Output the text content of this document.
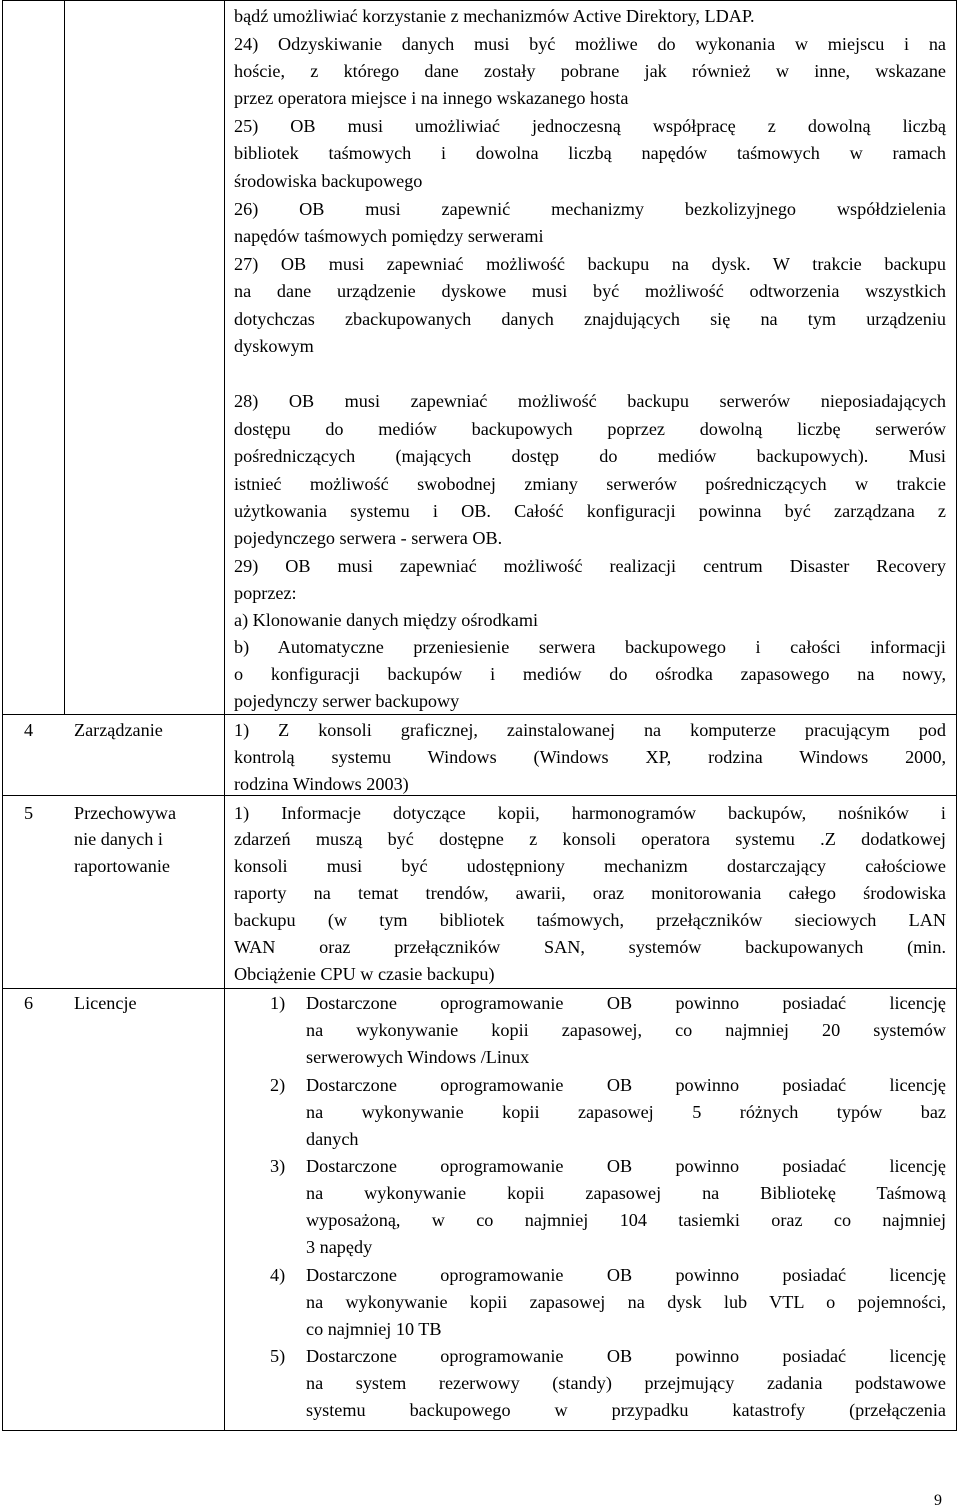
bądź umożliwiać korzystanie z mechanizmów Active Direktory, LDAP.
24) Odzyskiwanie danych musi być możliwe do wykonania w miejscu i na
hoście, z którego dane zostały pobrane jak również w inne, wskazane
przez operatora miejsce i na innego wskazanego hosta
25) OB musi umożliwiać jednoczesną współpracę z dowolną liczbą
bibliotek taśmowych i dowolna liczbą napędów taśmowych w ramach
środowiska backupowego
26) OB musi zapewnić mechanizmy bezkolizyjnego współdzielenia
napędów taśmowych pomiędzy serwerami
27) OB musi zapewniać możliwość backupu na dysk. W trakcie backupu
na dane urządzenie dyskowe musi być możliwość odtworzenia wszystkich
dotychczas zbackupowanych danych znajdujących się na tym urządzeniu
dyskowym
28) OB musi zapewniać możliwość backupu serwerów nieposiadających
dostępu do mediów backupowych poprzez dowolną liczbę serwerów
pośredniczących (mających dostęp do mediów backupowych). Musi
istnieć możliwość swobodnej zmiany serwerów pośredniczących w trakcie
użytkowania systemu i OB. Całość konfiguracji powinna być zarządzana z
pojedynczego serwera - serwera OB.
29) OB musi zapewniać możliwość realizacji centrum Disaster Recovery
poprzez:
a) Klonowanie danych między ośrodkami
b) Automatyczne przeniesienie serwera backupowego i całości informacji
o konfiguracji backupów i mediów do ośrodka zapasowego na nowy,
pojedynczy serwer backupowy
4 Zarządzanie	1) Z konsoli graficznej, zainstalowanej na komputerze pracującym pod
kontrolą systemu Windows (Windows XP, rodzina Windows 2000,
rodzina Windows 2003)
5 Przechowywa
nie danych i
raportowanie
1) Informacje dotyczące kopii, harmonogramów backupów, nośników i
zdarzeń muszą być dostępne z konsoli operatora systemu .Z dodatkowej
konsoli musi być udostępniony mechanizm dostarczający całościowe
raporty na temat trendów, awarii, oraz monitorowania całego środowiska
backupu (w tym bibliotek taśmowych, przełączników sieciowych LAN
WAN oraz przełączników SAN, systemów backupowanych (min.
Obciążenie CPU w czasie backupu)
6 Licencje	1) Dostarczone oprogramowanie OB powinno posiadać licencję
na wykonywanie kopii zapasowej, co najmniej 20 systemów
serwerowych Windows /Linux
2) Dostarczone oprogramowanie OB powinno posiadać licencję
na wykonywanie kopii zapasowej 5 różnych typów baz
danych
3) Dostarczone oprogramowanie OB powinno posiadać licencję
na wykonywanie kopii zapasowej na Bibliotekę Taśmową
wyposażoną, w co najmniej 104 tasiemki oraz co najmniej
3 napędy
4) Dostarczone oprogramowanie OB powinno posiadać licencję
na wykonywanie kopii zapasowej na dysk lub VTL o pojemności,
co najmniej 10 TB
5) Dostarczone oprogramowanie OB powinno posiadać licencję
na system rezerwowy (standy) przejmujący zadania podstawowe
systemu backupowego w przypadku katastrofy (przełączenia
9
